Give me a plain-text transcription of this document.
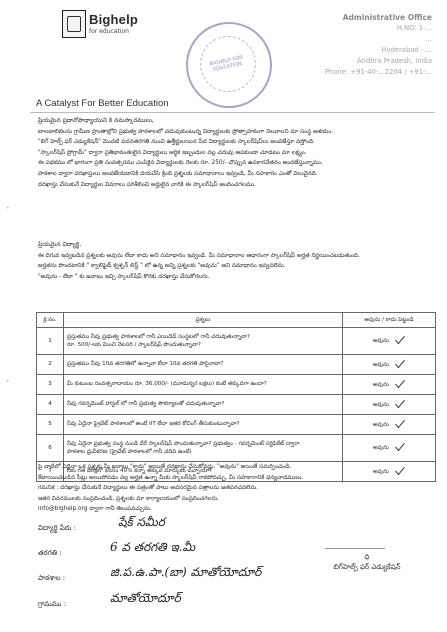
Bighelp
for education
A Catalyst For Better Education
BIGHELP FOR EDUCATION
Administrative Office
H.NO: 1-...
...
Hyderabad - ...
Andhra Pradesh, India
Phone: +91-40-...2204 / +91-...
•
•
ప్రియమైన ప్రధానోపాధ్యాయుని కి నమస్కారములు,
బాలబాలికలను గ్రామీణ ప్రాంతాల్లోని ప్రభుత్వ పాఠశాలలో చదువుకుంటున్న విద్యార్థులకు ప్రోత్సాహకంగా నిలవాలని మా సంస్థ ఆశయం.
"బిగ్ హెల్ప్ ఫర్ ఎడ్యుకేషన్" మొదటి పదవతరగతి నుంచి ఉత్తీర్ణులయిన పేద విద్యార్థులకు స్కాలర్‌షిప్‌లు అందజేస్తూ వస్తోంది.
"స్కాలర్‌షిప్ ప్రోగ్రామ్" ద్వారా ప్రతిభావంతులైన విద్యార్థులు ఆర్థిక ఇబ్బందుల వల్ల చదువు ఆపకుండా చూడటం మా లక్ష్యం.
ఈ పథకము లో భాగంగా ప్రతి సంవత్సరము ఎంపికైన విద్యార్థులకు నెలకు రూ. 250/- చొప్పున ఉపకారవేతనం అందజేస్తున్నాము.
పాఠశాల ద్వారా దరఖాస్తులు అందజేయడానికి దయచేసి క్రింది ప్రశ్నలకు సమాధానాలు ఇవ్వండి, మీ సహకారం ఎంతో విలువైనది.
దరఖాస్తు చేసుకునే విద్యార్థుల వివరాలు పరిశీలించి అర్హులైన వారికి ఈ స్కాలర్‌షిప్ అందించగలము.
ప్రియమైన విద్యార్థి,
ఈ దిగువ ఇవ్వబడిన ప్రశ్నలకు అవును లేదా కాదు అని సమాధానం ఇవ్వండి. మీ సమాధానాల ఆధారంగా స్కాలర్‌షిప్ అర్హత నిర్ణయించబడుతుంది.
అర్హతను పొందటానికి " క్వాలిఫైడ్ క్వశ్చన్ లిస్ట్ " లో ఉన్న అన్ని ప్రశ్నలకు "అవును" అని సమాధానం ఇవ్వవలెను.
"అవును - లేదా " కు జవాబు ఇచ్చి స్కాలర్‌షిప్ కొరకు దరఖాస్తు చేసుకోగలరు.
క్ర.సం.	ప్రశ్నలు	అవును / కాదు పెట్టండి
1	ప్రస్తుతము నీవు ప్రభుత్వ పాఠశాలలో గానీ ఎయిడెడ్ సంస్థలలో గానీ చదువుతున్నావా?
రూ. 500/-లకు మించి నెలసరి / స్కాలర్‌షిప్ పొందుతున్నావా?	అవును
2	ప్రస్తుతము నీవు 10వ తరగతిలో ఉన్నావా లేదా 10వ తరగతి పాసైనావా?	అవును
3	మీ కుటుంబ సంవత్సరాదాయం రూ. 36,000/- (మూడున్నర లక్షలు) కంటే తక్కువగా ఉందా?	అవును
4	నీవు గవర్నమెంట్ హాస్టల్ లో గానీ ప్రభుత్వ సౌకర్యాలతో చదువుతున్నావా?	అవును
5	నీవు ఏదైనా ప్రైవేట్ పాఠశాలలో అంటే IIT లేదా ఇతర కోచింగ్ తీసుకుంటున్నావా?	అవును
6	నీవు ఏదైనా ప్రభుత్వ సంస్థ నుండి వేరే స్కాలర్‌షిప్ పొందుతున్నావా? ప్రభుత్వం - గవర్నమెంట్ సర్టిఫికేట్ ద్వారా
పాఠశాల ధ్రువీకరణ (ప్రైవేట్ పాఠశాలలో గానీ చదివి ఉంటే)	అవును
7	నీకు గత పరీక్షలో కనీసం 40% కన్నా తక్కువ మార్కులు వచ్చాయా?	అవును
పై వాటిలో ఏదైనా ఒక ప్రశ్నకు మీ జవాబు "కాదు" అయితే దరఖాస్తు చేసుకోవద్దు. "అవును" అయితే సమర్పించండి.
కేటాయించబడిన సీట్లు అయిపోవడం వల్ల అర్హత ఉన్నా మీకు స్కాలర్‌షిప్ రాకపోవచ్చు, మీ సహకారానికి ధన్యవాదములు.
గమనిక : దరఖాస్తు చేసుకునే విద్యార్థులు ఈ పత్రంతో పాటు అవసరమైన పత్రాలను జతపరచవలెను.
ఇతర వివరములకు సంప్రదించండి, ప్రశ్నలకు మా కార్యాలయంలో సంప్రదించగలరు.
info@bighelp.org ద్వారా గానీ తెలుపవచ్చును.
విద్యార్థి పేరు :	షేక్ సమీర
తరగతి :	6 వ తరగతి ఇ.మీ
పాఠశాల :	జి.ప.ఉ.పా.(బా) మాతోయోదూర్
గ్రామము :	మాతోయోదూర్
ధి
బిగ్‌హెల్ప్ ఫర్ ఎడ్యుకేషన్
